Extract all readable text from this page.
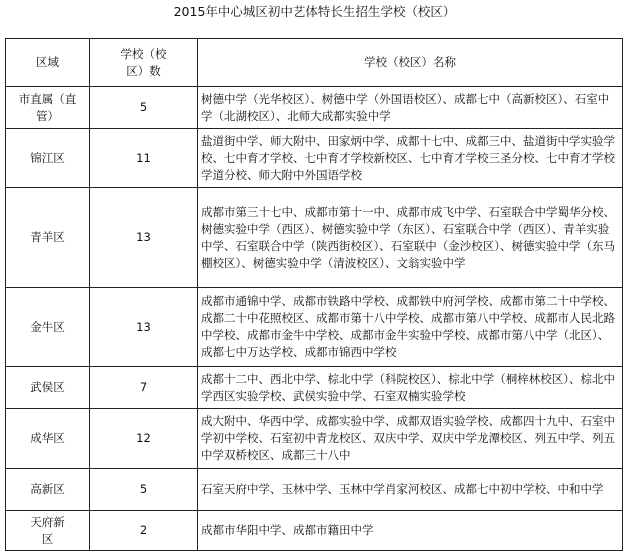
2015年中心城区初中艺体特长生招生学校（校区）
区域	学校（校区）数	学校（校区）名称
市直属（直管）	5	树德中学（光华校区）、树德中学（外国语校区）、成都七中（高新校区）、石室中学（北湖校区）、北师大成都实验中学
锦江区	11	盐道街中学、师大附中、田家炳中学、成都十七中、成都三中、盐道街中学实验学校、七中育才学校、七中育才学校新校区、七中育才学校三圣分校、七中育才学校学道分校、师大附中外国语学校
青羊区	13	成都市第三十七中、成都市第十一中、成都市成飞中学、石室联合中学蜀华分校、树德实验中学（西区）、树德实验中学（东区）、石室联合中学（西区）、青羊实验中学、石室联合中学（陕西街校区）、石室联中（金沙校区）、树德实验中学（东马棚校区）、树德实验中学（清波校区）、文翁实验中学
金牛区	13	成都市通锦中学、成都市铁路中学校、成都铁中府河学校、成都市第二十中学校、成都二十中花照校区、成都市第十八中学校、成都市第八中学校、成都市人民北路中学校、成都市金牛中学校、成都市金牛实验中学校、成都市第八中学（北区）、成都七中万达学校、成都市锦西中学校
武侯区	7	成都十二中、西北中学、棕北中学（科院校区）、棕北中学（桐梓林校区）、棕北中学西区实验学校、武侯实验中学、石室双楠实验学校
成华区	12	成大附中、华西中学、成都实验中学、成都双语实验学校、成都四十九中、石室中学初中学校、石室初中青龙校区、双庆中学、双庆中学龙潭校区、列五中学、列五中学双桥校区、成都三十八中
高新区	5	石室天府中学、玉林中学、玉林中学肖家河校区、成都七中初中学校、中和中学
天府新区	2	成都市华阳中学、成都市籍田中学
